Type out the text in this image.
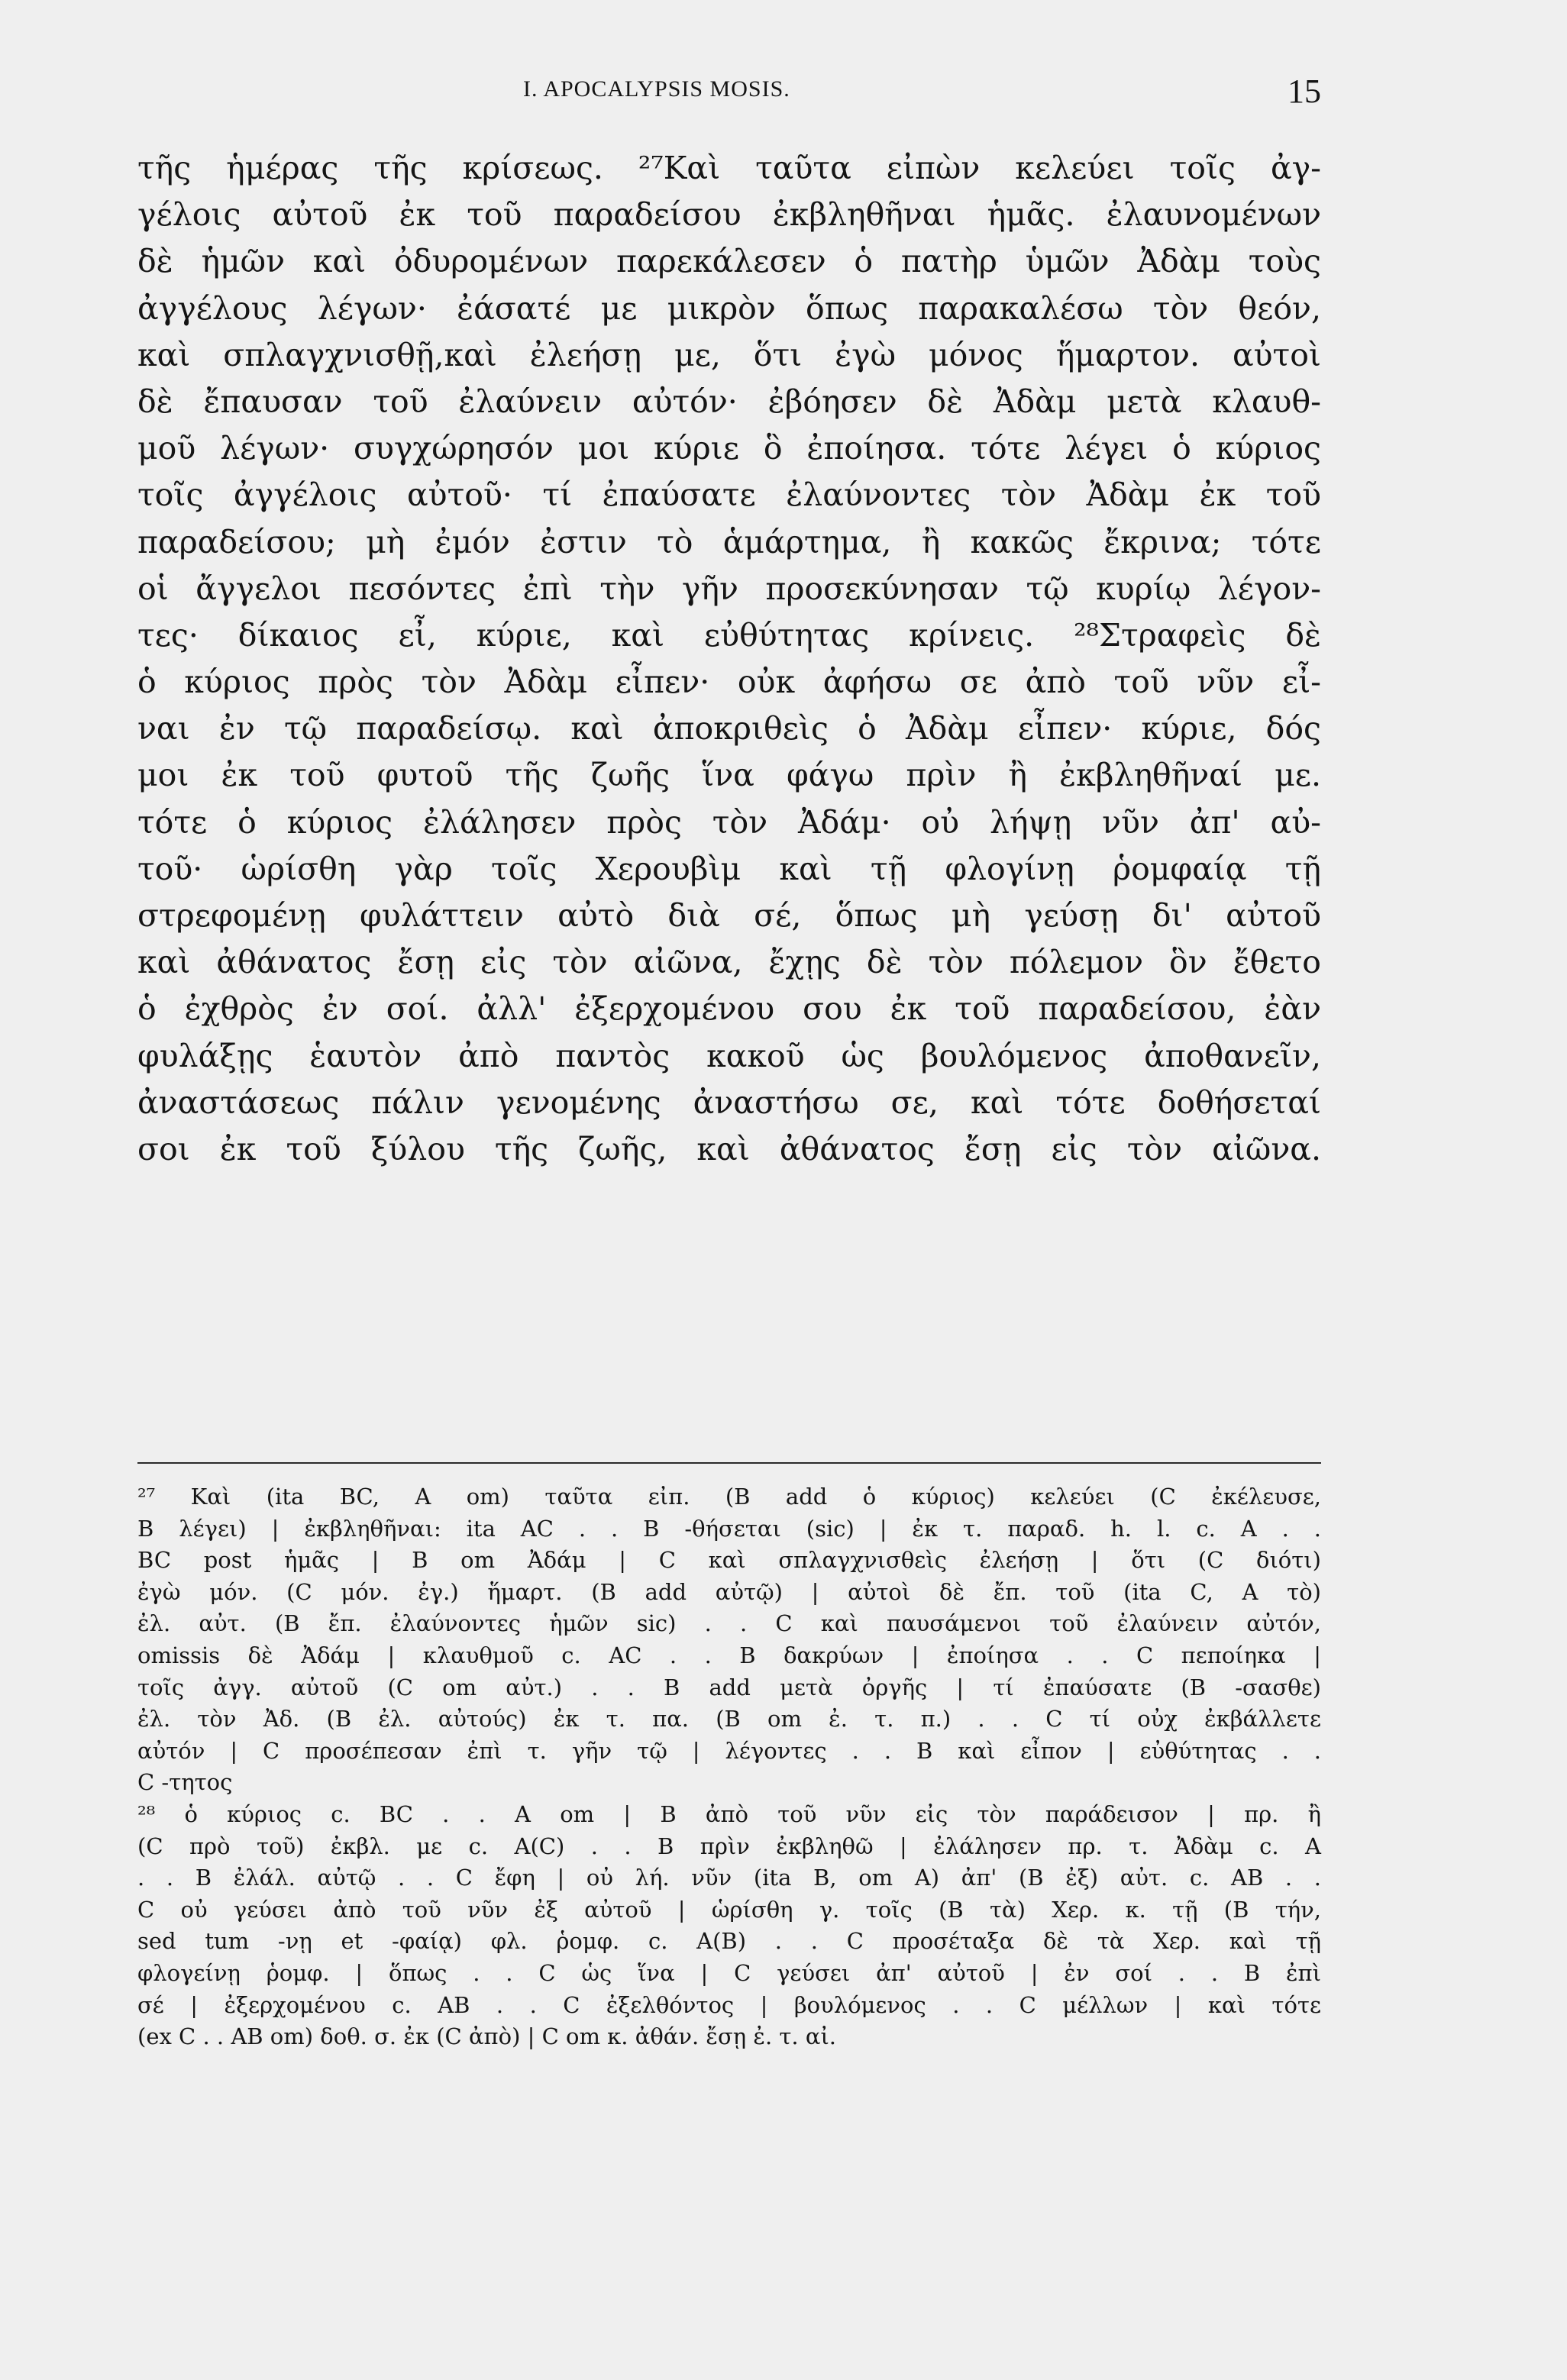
I. APOCALYPSIS MOSIS.	15
τῆς ἡμέρας τῆς κρίσεως. ²⁷Καὶ ταῦτα εἰπὼν κελεύει τοῖς ἀγ-
γέλοις αὐτοῦ ἐκ τοῦ παραδείσου ἐκβληθῆναι ἡμᾶς. ἐλαυνομένων
δὲ ἡμῶν καὶ ὀδυρομένων παρεκάλεσεν ὁ πατὴρ ὑμῶν Ἀδὰμ τοὺς
ἀγγέλους λέγων· ἐάσατέ με μικρὸν ὅπως παρακαλέσω τὸν θεόν,
καὶ σπλαγχνισθῇ,καὶ ἐλεήσῃ με, ὅτι ἐγὼ μόνος ἥμαρτον. αὐτοὶ
δὲ ἔπαυσαν τοῦ ἐλαύνειν αὐτόν· ἐβόησεν δὲ Ἀδὰμ μετὰ κλαυθ-
μοῦ λέγων· συγχώρησόν μοι κύριε ὃ ἐποίησα. τότε λέγει ὁ κύριος
τοῖς ἀγγέλοις αὐτοῦ· τί ἐπαύσατε ἐλαύνοντες τὸν Ἀδὰμ ἐκ τοῦ
παραδείσου; μὴ ἐμόν ἐστιν τὸ ἁμάρτημα, ἢ κακῶς ἔκρινα; τότε
οἱ ἄγγελοι πεσόντες ἐπὶ τὴν γῆν προσεκύνησαν τῷ κυρίῳ λέγον-
τες· δίκαιος εἶ, κύριε, καὶ εὐθύτητας κρίνεις. ²⁸Στραφεὶς δὲ
ὁ κύριος πρὸς τὸν Ἀδὰμ εἶπεν· οὐκ ἀφήσω σε ἀπὸ τοῦ νῦν εἶ-
ναι ἐν τῷ παραδείσῳ. καὶ ἀποκριθεὶς ὁ Ἀδὰμ εἶπεν· κύριε, δός
μοι ἐκ τοῦ φυτοῦ τῆς ζωῆς ἵνα φάγω πρὶν ἢ ἐκβληθῆναί με.
τότε ὁ κύριος ἐλάλησεν πρὸς τὸν Ἀδάμ· οὐ λήψῃ νῦν ἀπ' αὐ-
τοῦ· ὡρίσθη γὰρ τοῖς Χερουβὶμ καὶ τῇ φλογίνῃ ῥομφαίᾳ τῇ
στρεφομένῃ φυλάττειν αὐτὸ διὰ σέ, ὅπως μὴ γεύσῃ δι' αὐτοῦ
καὶ ἀθάνατος ἔσῃ εἰς τὸν αἰῶνα, ἔχῃς δὲ τὸν πόλεμον ὃν ἔθετο
ὁ ἐχθρὸς ἐν σοί. ἀλλ' ἐξερχομένου σου ἐκ τοῦ παραδείσου, ἐὰν
φυλάξῃς ἑαυτὸν ἀπὸ παντὸς κακοῦ ὡς βουλόμενος ἀποθανεῖν,
ἀναστάσεως πάλιν γενομένης ἀναστήσω σε, καὶ τότε δοθήσεταί
σοι ἐκ τοῦ ξύλου τῆς ζωῆς, καὶ ἀθάνατος ἔσῃ εἰς τὸν αἰῶνα.
²⁷ Καὶ (ita BC, A om) ταῦτα εἰπ. (B add ὁ κύριος) κελεύει (C ἐκέλευσε,
B λέγει) | ἐκβληθῆναι: ita AC . . B -θήσεται (sic) | ἐκ τ. παραδ. h. l. c. A . .
BC post ἡμᾶς | B om Ἀδάμ | C καὶ σπλαγχνισθεὶς ἐλεήσῃ | ὅτι (C διότι)
ἐγὼ μόν. (C μόν. ἐγ.) ἥμαρτ. (B add αὐτῷ) | αὐτοὶ δὲ ἔπ. τοῦ (ita C, A τὸ)
ἐλ. αὐτ. (B ἔπ. ἐλαύνοντες ἡμῶν sic) . . C καὶ παυσάμενοι τοῦ ἐλαύνειν αὐτόν,
omissis δὲ Ἀδάμ | κλαυθμοῦ c. AC . . B δακρύων | ἐποίησα . . C πεποίηκα |
τοῖς ἀγγ. αὐτοῦ (C om αὐτ.) . . B add μετὰ ὀργῆς | τί ἐπαύσατε (B -σασθε)
ἐλ. τὸν Ἀδ. (B ἐλ. αὐτούς) ἐκ τ. πα. (B om ἐ. τ. π.) . . C τί οὐχ ἐκβάλλετε
αὐτόν | C προσέπεσαν ἐπὶ τ. γῆν τῷ | λέγοντες . . B καὶ εἶπον | εὐθύτητας . .
C -τητος
²⁸ ὁ κύριος c. BC . . A om | B ἀπὸ τοῦ νῦν εἰς τὸν παράδεισον | πρ. ἢ
(C πρὸ τοῦ) ἐκβλ. με c. A(C) . . B πρὶν ἐκβληθῶ | ἐλάλησεν πρ. τ. Ἀδὰμ c. A
. . B ἐλάλ. αὐτῷ . . C ἔφη | οὐ λή. νῦν (ita B, om A) ἀπ' (B ἐξ) αὐτ. c. AB . .
C οὐ γεύσει ἀπὸ τοῦ νῦν ἐξ αὐτοῦ | ὡρίσθη γ. τοῖς (B τὰ) Χερ. κ. τῇ (B τήν,
sed tum -νῃ et -φαίᾳ) φλ. ῥομφ. c. A(B) . . C προσέταξα δὲ τὰ Χερ. καὶ τῇ
φλογείνῃ ῥομφ. | ὅπως . . C ὡς ἵνα | C γεύσει ἀπ' αὐτοῦ | ἐν σοί . . B ἐπὶ
σέ | ἐξερχομένου c. AB . . C ἐξελθόντος | βουλόμενος . . C μέλλων | καὶ τότε
(ex C . . AB om) δοθ. σ. ἐκ (C ἀπὸ) | C om κ. ἀθάν. ἔσῃ ἐ. τ. αἰ.
